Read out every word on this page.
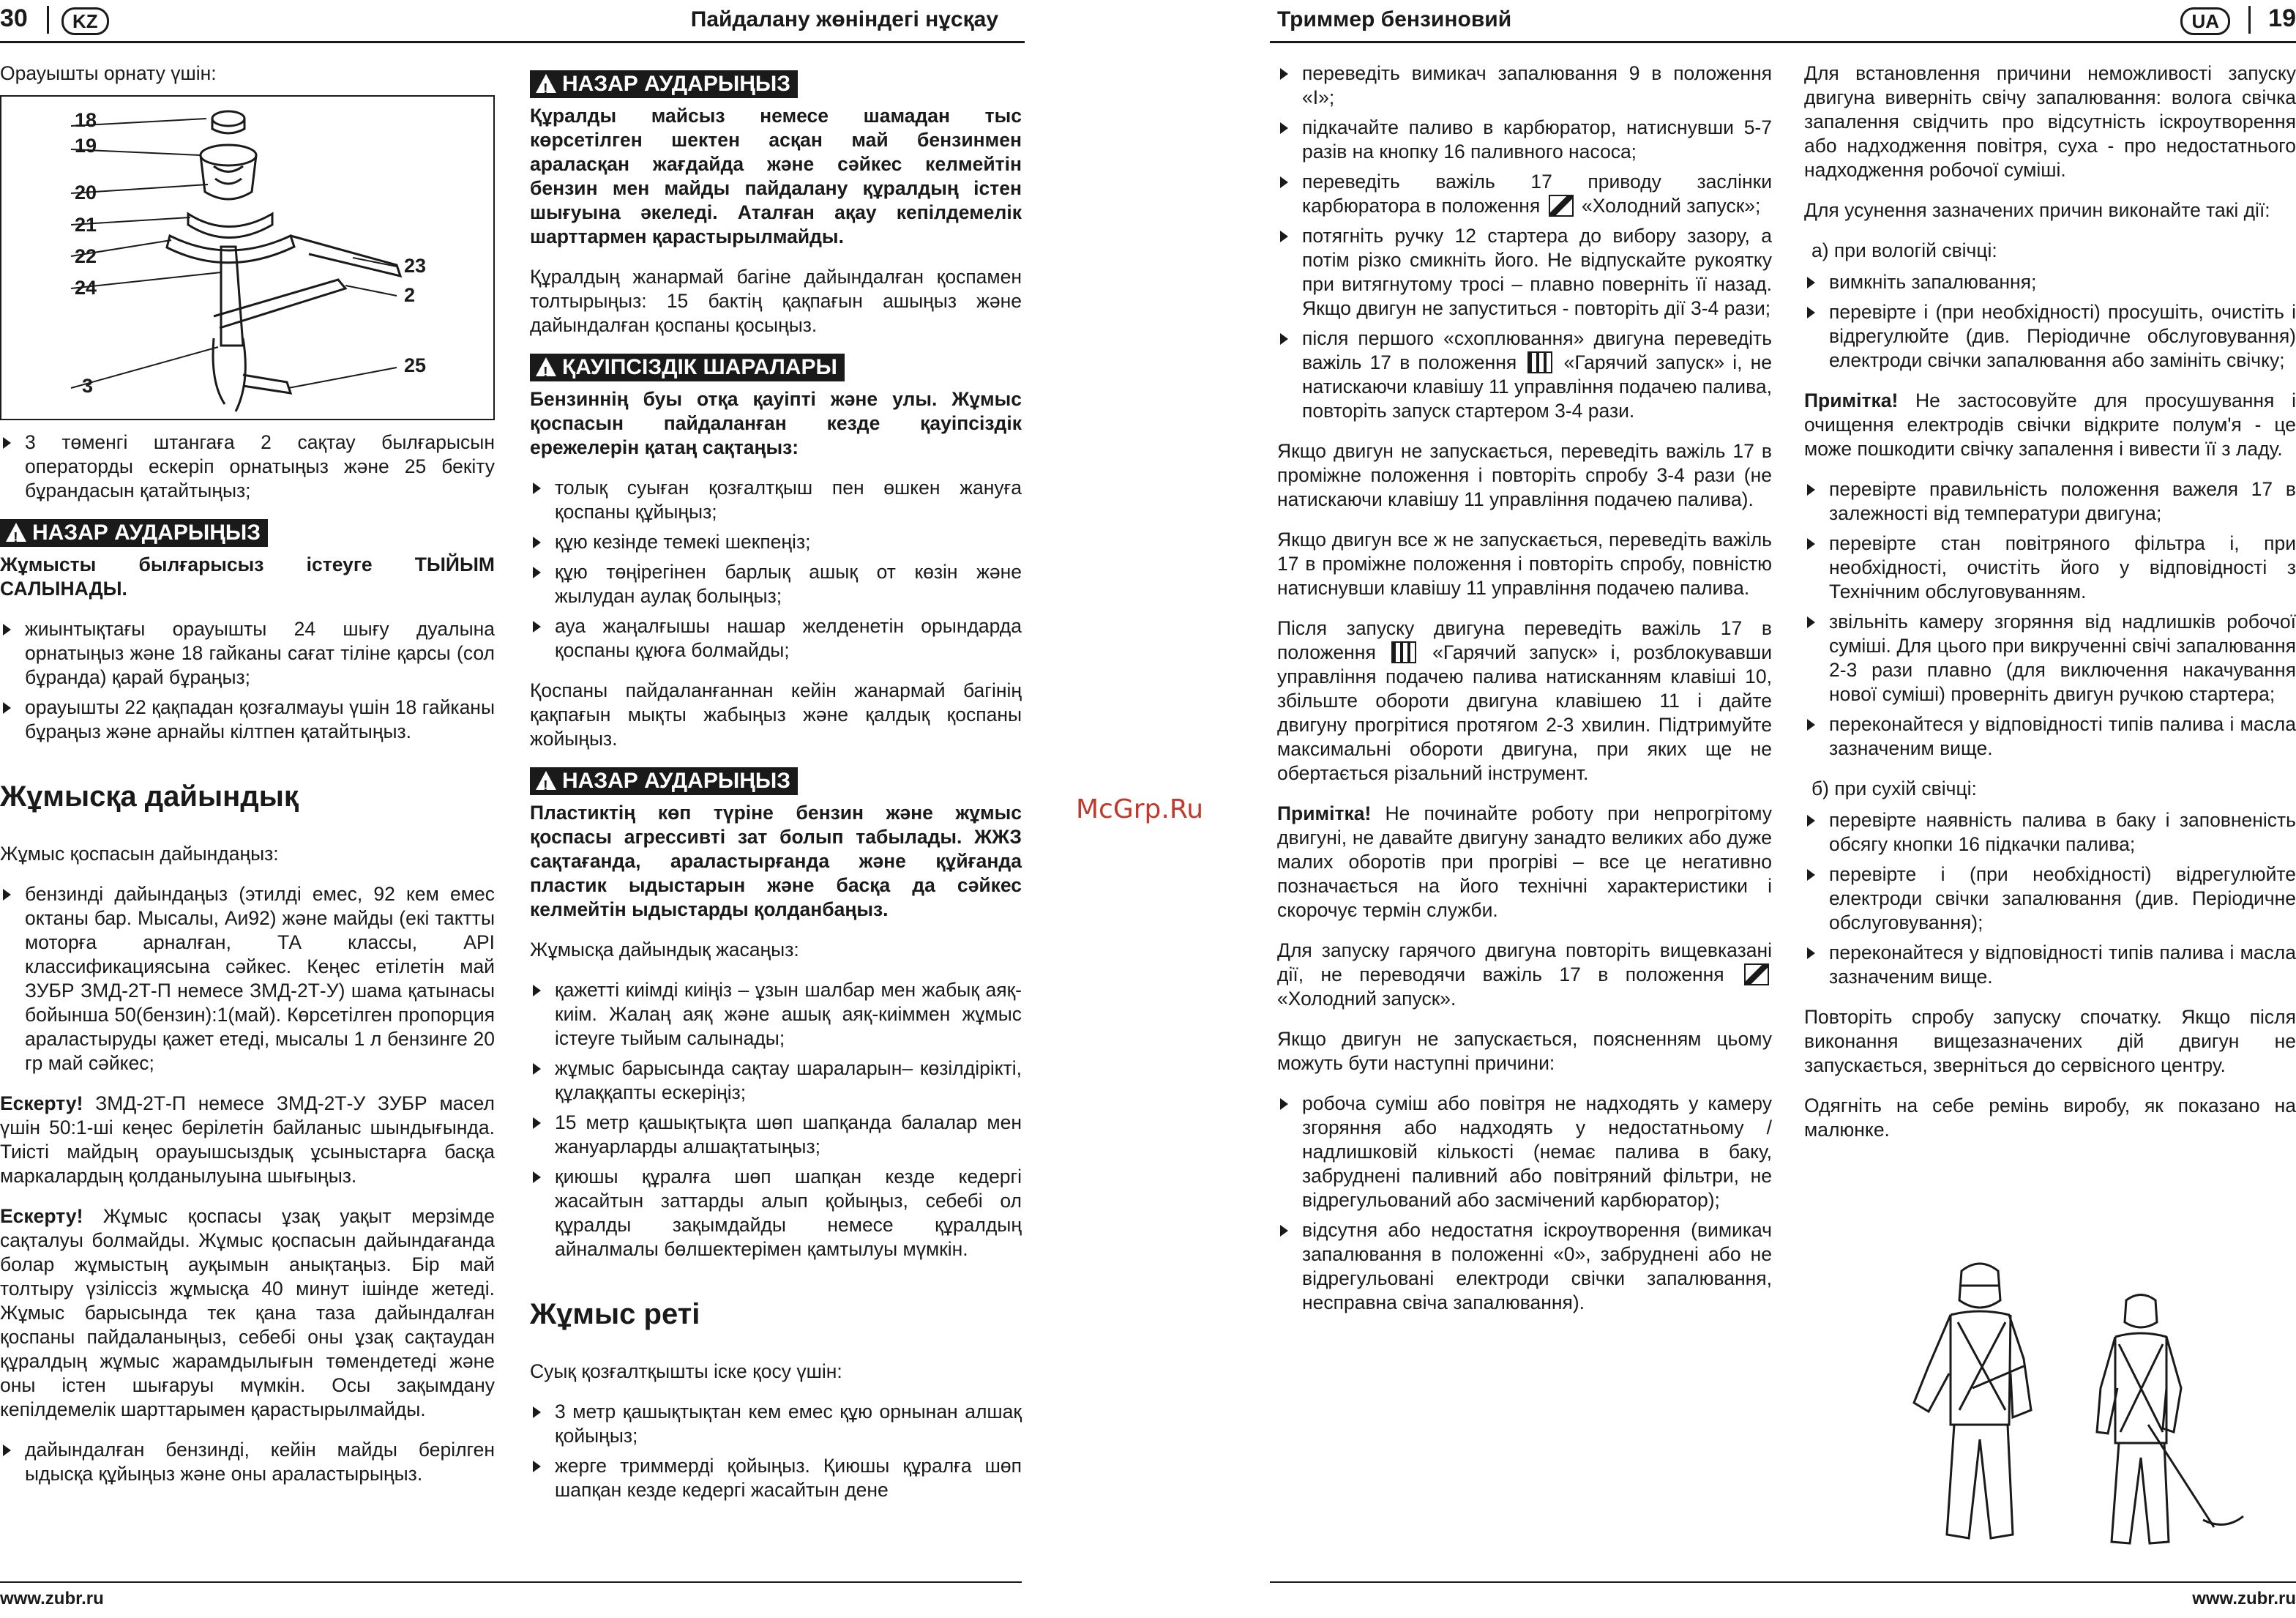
30	KZ	Пайдалану жөніндегі нұсқау

Орауышты орнату үшін:

18
19
20
21
22
24
23
2
25
3
3 төменгі штангаға 2 сақтау былғарысын операторды ескеріп орнатыңыз және 25 бекіту бұрандасын қатайтыңыз;
!НАЗАР АУДАРЫҢЫЗ

Жұмысты былғарысыз істеуге ТЫЙЫМ САЛЫНАДЫ.

жиынтықтағы орауышты 24 шығу дуалына орнатыңыз және 18 гайканы сағат тіліне қарсы (сол бұранда) қарай бұраңыз;
орауышты 22 қақпадан қозғалмауы үшін 18 гайканы бұраңыз және арнайы кілтпен қатайтыңыз.
Жұмысқа дайындық

Жұмыс қоспасын дайындаңыз:

бензинді дайындаңыз (этилді емес, 92 кем емес октаны бар. Мысалы, Аи92) және майды (екі тактты моторға арналған, ТА классы, API классификациясына сәйкес. Кеңес етілетін май ЗУБР ЗМД-2Т-П немесе ЗМД-2Т-У) шама қатынасы бойынша 50(бензин):1(май). Көрсетілген пропорция араластыруды қажет етеді, мысалы 1 л бензинге 20 гр май сәйкес;

Ескерту! ЗМД-2Т-П немесе ЗМД-2Т-У ЗУБР масел үшін 50:1-ші кеңес берілетін байланыс шындығында. Тиісті майдың орауышсыздық ұсыныстарға басқа маркалардың қолданылуына шығыңыз.

Ескерту! Жұмыс қоспасы ұзақ уақыт мерзімде сақталуы болмайды. Жұмыс қоспасын дайындағанда болар жұмыстың ауқымын анықтаңыз. Бір май толтыру үзіліссіз жұмысқа 40 минут ішінде жетеді. Жұмыс барысында тек қана таза дайындалған қоспаны пайдаланыңыз, себебі оны ұзақ сақтаудан құралдың жұмыс жарамдылығын төмендетеді және оны істен шығаруы мүмкін. Осы зақымдану кепілдемелік шарттарымен қарастырылмайды.

дайындалған бензинді, кейін майды берілген ыдысқа құйыңыз және оны араластырыңыз.
!НАЗАР АУДАРЫҢЫЗ

Құралды майсыз немесе шамадан тыс көрсетілген шектен асқан май бензинмен араласқан жағдайда және сәйкес келмейтін бензин мен майды пайдалану құралдың істен шығуына әкеледі. Аталған ақау кепілдемелік шарттармен қарастырылмайды.

Құралдың жанармай багіне дайындалған қоспамен толтырыңыз: 15 бактің қақпағын ашыңыз және дайындалған қоспаны қосыңыз.

!ҚАУІПСІЗДІК ШАРАЛАРЫ

Бензиннің буы отқа қауіпті және улы. Жұмыс қоспасын пайдаланған кезде қауіпсіздік ережелерін қатаң сақтаңыз:

толық суыған қозғалтқыш пен өшкен жануға қоспаны құйыңыз;
құю кезінде темекі шекпеңіз;
құю төңірегінен барлық ашық от көзін және жылудан аулақ болыңыз;
ауа жаңалғышы нашар желденетін орындарда қоспаны құюға болмайды;

Қоспаны пайдаланғаннан кейін жанармай багінің қақпағын мықты жабыңыз және қалдық қоспаны жойыңыз.

!НАЗАР АУДАРЫҢЫЗ

Пластиктің көп түріне бензин және жұмыс қоспасы агрессивті зат болып табылады. ЖЖЗ сақтағанда, араластырғанда және құйғанда пластик ыдыстарын және басқа да сәйкес келмейтін ыдыстарды қолданбаңыз.

Жұмысқа дайындық жасаңыз:

қажетті киімді киіңіз – ұзын шалбар мен жабық аяқ-киім. Жалаң аяқ және ашық аяқ-киіммен жұмыс істеуге тыйым салынады;
жұмыс барысында сақтау шараларын– көзілдірікті, құлаққапты ескеріңіз;
15 метр қашықтықта шөп шапқанда балалар мен жануарларды алшақтатыңыз;
қиюшы құралға шөп шапқан кезде кедергі жасайтын заттарды алып қойыңыз, себебі ол құралды зақымдайды немесе құралдың айналмалы бөлшектерімен қамтылуы мүмкін.
Жұмыс реті

Суық қозғалтқышты іске қосу үшін:

3 метр қашықтықтан кем емес құю орнынан алшақ қойыңыз;
жерге триммерді қойыңыз. Қиюшы құралға шөп шапқан кезде кедергі жасайтын дене
www.zubr.ru
McGrp.Ru
Триммер бензиновий	UA	19
переведіть вимикач запалювання 9 в положення «I»;
підкачайте паливо в карбюратор, натиснувши 5-7 разів на кнопку 16 паливного насоса;
переведіть важіль 17 приводу заслінки карбюратора в положення «Холодний запуск»;
потягніть ручку 12 стартера до вибору зазору, а потім різко смикніть його. Не відпускайте рукоятку при витягнутому тросі – плавно поверніть її назад. Якщо двигун не запуститься - повторіть дії 3-4 рази;
після першого «схоплювання» двигуна переведіть важіль 17 в положення «Гарячий запуск» і, не натискаючи клавішу 11 управління подачею палива, повторіть запуск стартером 3-4 рази.

Якщо двигун не запускається, переведіть важіль 17 в проміжне положення і повторіть спробу 3-4 рази (не натискаючи клавішу 11 управління подачею палива).

Якщо двигун все ж не запускається, переведіть важіль 17 в проміжне положення і повторіть спробу, повністю натиснувши клавішу 11 управління подачею палива.

Після запуску двигуна переведіть важіль 17 в положення	«Гарячий запуск» і, розблокувавши управління подачею палива натисканням клавіші 10, збільште обороти двигуна клавішею 11 і дайте двигуну прогрітися протягом 2-3 хвилин. Підтримуйте максимальні обороти двигуна, при яких ще не обертається різальний інструмент.

Примітка! Не починайте роботу при непрогрітому двигуні, не давайте двигуну занадто великих або дуже малих оборотів при прогріві – все це негативно позначається на його технічні характеристики і скорочує термін служби.

Для запуску гарячого двигуна повторіть вищевказані дії, не переводячи важіль 17 в положення  «Холодний запуск».

Якщо двигун не запускається, поясненням цьому можуть бути наступні причини:

робоча суміш або повітря не надходять у камеру згоряння або надходять у недостатньому / надлишковій кількості (немає палива в баку, забруднені паливний або повітряний фільтри, не відрегульований або засмічений карбюратор);
відсутня або недостатня іскроутворення (вимикач запалювання в положенні «0», забруднені або не відрегульовані електроди свічки запалювання, несправна свіча запалювання).

Для встановлення причини неможливості запуску двигуна виверніть свічу запалювання: волога свічка запалення свідчить про відсутність іскроутворення або надходження повітря, суха - про недостатнього надходження робочої суміші.

Для усунення зазначених причин виконайте такі дії:

а) при вологій свічці:

вимкніть запалювання;
перевірте і (при необхідності) просушіть, очистіть і відрегулюйте (див. Періодичне обслуговування) електроди свічки запалювання або замініть свічку;

Примітка! Не застосовуйте для просушування і очищення електродів свічки відкрите полум'я - це може пошкодити свічку запалення і вивести її з ладу.

перевірте правильність положення важеля 17 в залежності від температури двигуна;
перевірте стан повітряного фільтра і, при необхідності, очистіть його у відповідності з Технічним обслуговуванням.
звільніть камеру згоряння від надлишків робочої суміші. Для цього при викрученні свічі запалювання 2-3 рази плавно (для виключення накачування нової суміші) проверніть двигун ручкою стартера;
переконайтеся у відповідності типів палива і масла зазначеним вище.

б) при сухій свічці:

перевірте наявність палива в баку і заповненість обсягу кнопки 16 підкачки палива;
перевірте і (при необхідності) відрегулюйте електроди свічки запалювання (див. Періодичне обслуговування);
переконайтеся у відповідності типів палива і масла зазначеним вище.

Повторіть спробу запуску спочатку. Якщо після виконання вищезазначених дій двигун не запускається, зверніться до сервісного центру.

Одягніть на себе ремінь виробу, як показано на малюнке.

www.zubr.ru
